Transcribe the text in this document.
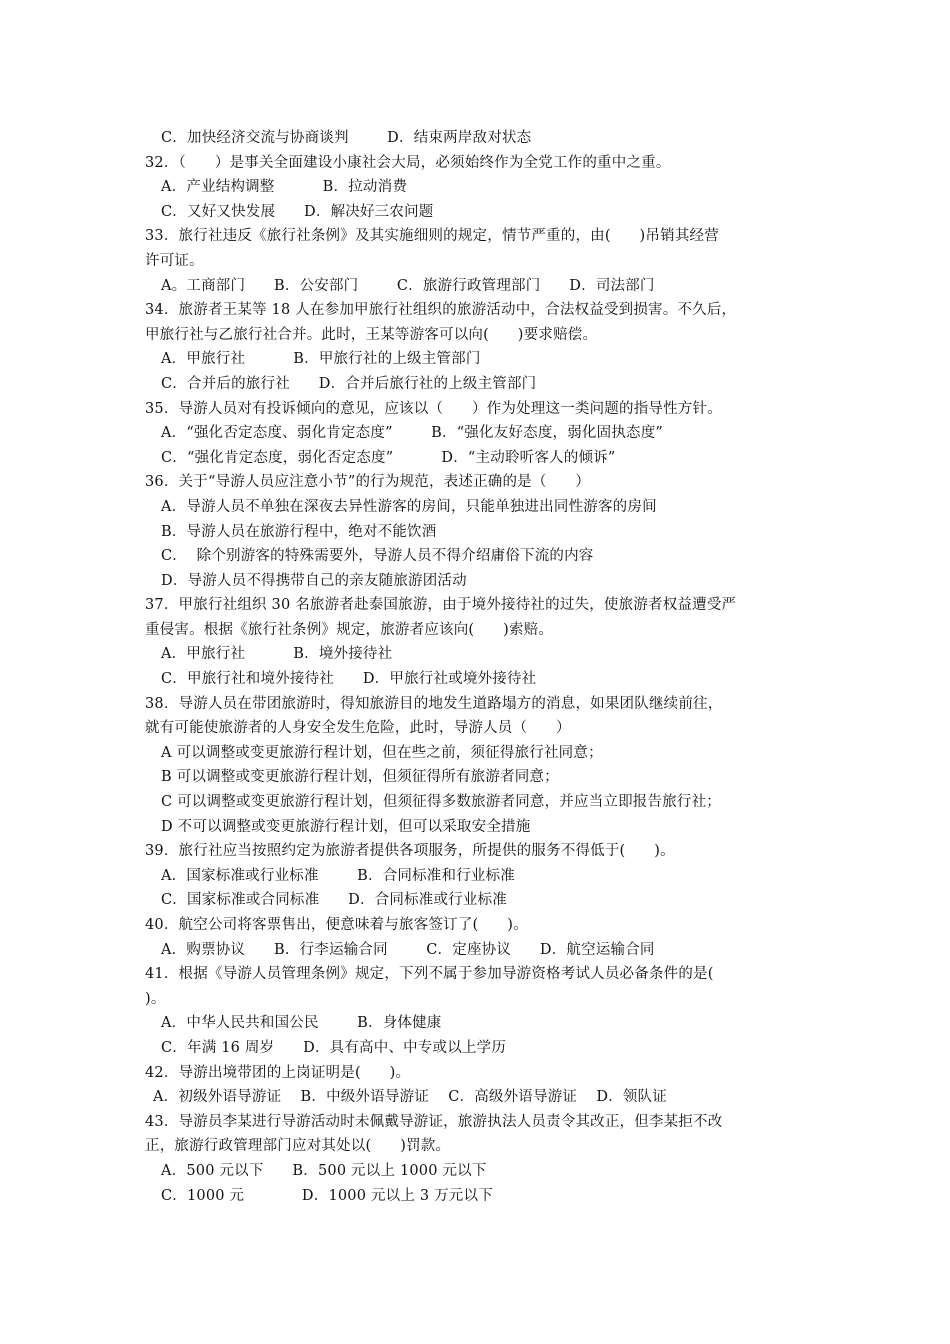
C．加快经济交流与协商谈判        D．结束两岸敌对状态
32．（      ）是事关全面建设小康社会大局，必须始终作为全党工作的重中之重。
A．产业结构调整          B．拉动消费
C．又好又快发展      D．解决好三农问题
33．旅行社违反《旅行社条例》及其实施细则的规定，情节严重的，由(      )吊销其经营
许可证。
A。工商部门      B．公安部门        C．旅游行政管理部门      D．司法部门
34．旅游者王某等 18 人在参加甲旅行社组织的旅游活动中，合法权益受到损害。不久后，
甲旅行社与乙旅行社合并。此时，王某等游客可以向(      )要求赔偿。
A．甲旅行社          B．甲旅行社的上级主管部门
C．合并后的旅行社      D．合并后旅行社的上级主管部门
35．导游人员对有投诉倾向的意见，应该以（      ）作为处理这一类问题的指导性方针。
A．“强化否定态度、弱化肯定态度”        B．“强化友好态度，弱化固执态度”
C．“强化肯定态度，弱化否定态度”          D．“主动聆听客人的倾诉”
36．关于“导游人员应注意小节”的行为规范，表述正确的是（      ）
A．导游人员不单独在深夜去异性游客的房间，只能单独进出同性游客的房间
B．导游人员在旅游行程中，绝对不能饮酒
C．  除个别游客的特殊需要外，导游人员不得介绍庸俗下流的内容
D．导游人员不得携带自己的亲友随旅游团活动
37．甲旅行社组织 30 名旅游者赴泰国旅游，由于境外接待社的过失，使旅游者权益遭受严
重侵害。根据《旅行社条例》规定，旅游者应该向(      )索赔。
A．甲旅行社          B．境外接待社
C．甲旅行社和境外接待社      D．甲旅行社或境外接待社
38．导游人员在带团旅游时，得知旅游目的地发生道路塌方的消息，如果团队继续前往，
就有可能使旅游者的人身安全发生危险，此时，导游人员（      ）
A 可以调整或变更旅游行程计划，但在些之前，须征得旅行社同意；
B 可以调整或变更旅游行程计划，但须征得所有旅游者同意；
C 可以调整或变更旅游行程计划，但须征得多数旅游者同意，并应当立即报告旅行社；
D 不可以调整或变更旅游行程计划，但可以采取安全措施
39．旅行社应当按照约定为旅游者提供各项服务，所提供的服务不得低于(      )。
A．国家标准或行业标准        B．合同标准和行业标准
C．国家标准或合同标准      D．合同标准或行业标准
40．航空公司将客票售出，便意味着与旅客签订了(      )。
A．购票协议      B．行李运输合同        C．定座协议      D．航空运输合同
41．根据《导游人员管理条例》规定，下列不属于参加导游资格考试人员必备条件的是(
)。
A．中华人民共和国公民        B．身体健康
C．年满 16 周岁      D．具有高中、中专或以上学历
42．导游出境带团的上岗证明是(      )。
A．初级外语导游证    B．中级外语导游证    C．高级外语导游证    D．领队证
43．导游员李某进行导游活动时未佩戴导游证，旅游执法人员责令其改正，但李某拒不改
正，旅游行政管理部门应对其处以(      )罚款。
A．500 元以下      B．500 元以上 1000 元以下
C．1000 元            D．1000 元以上 3 万元以下
